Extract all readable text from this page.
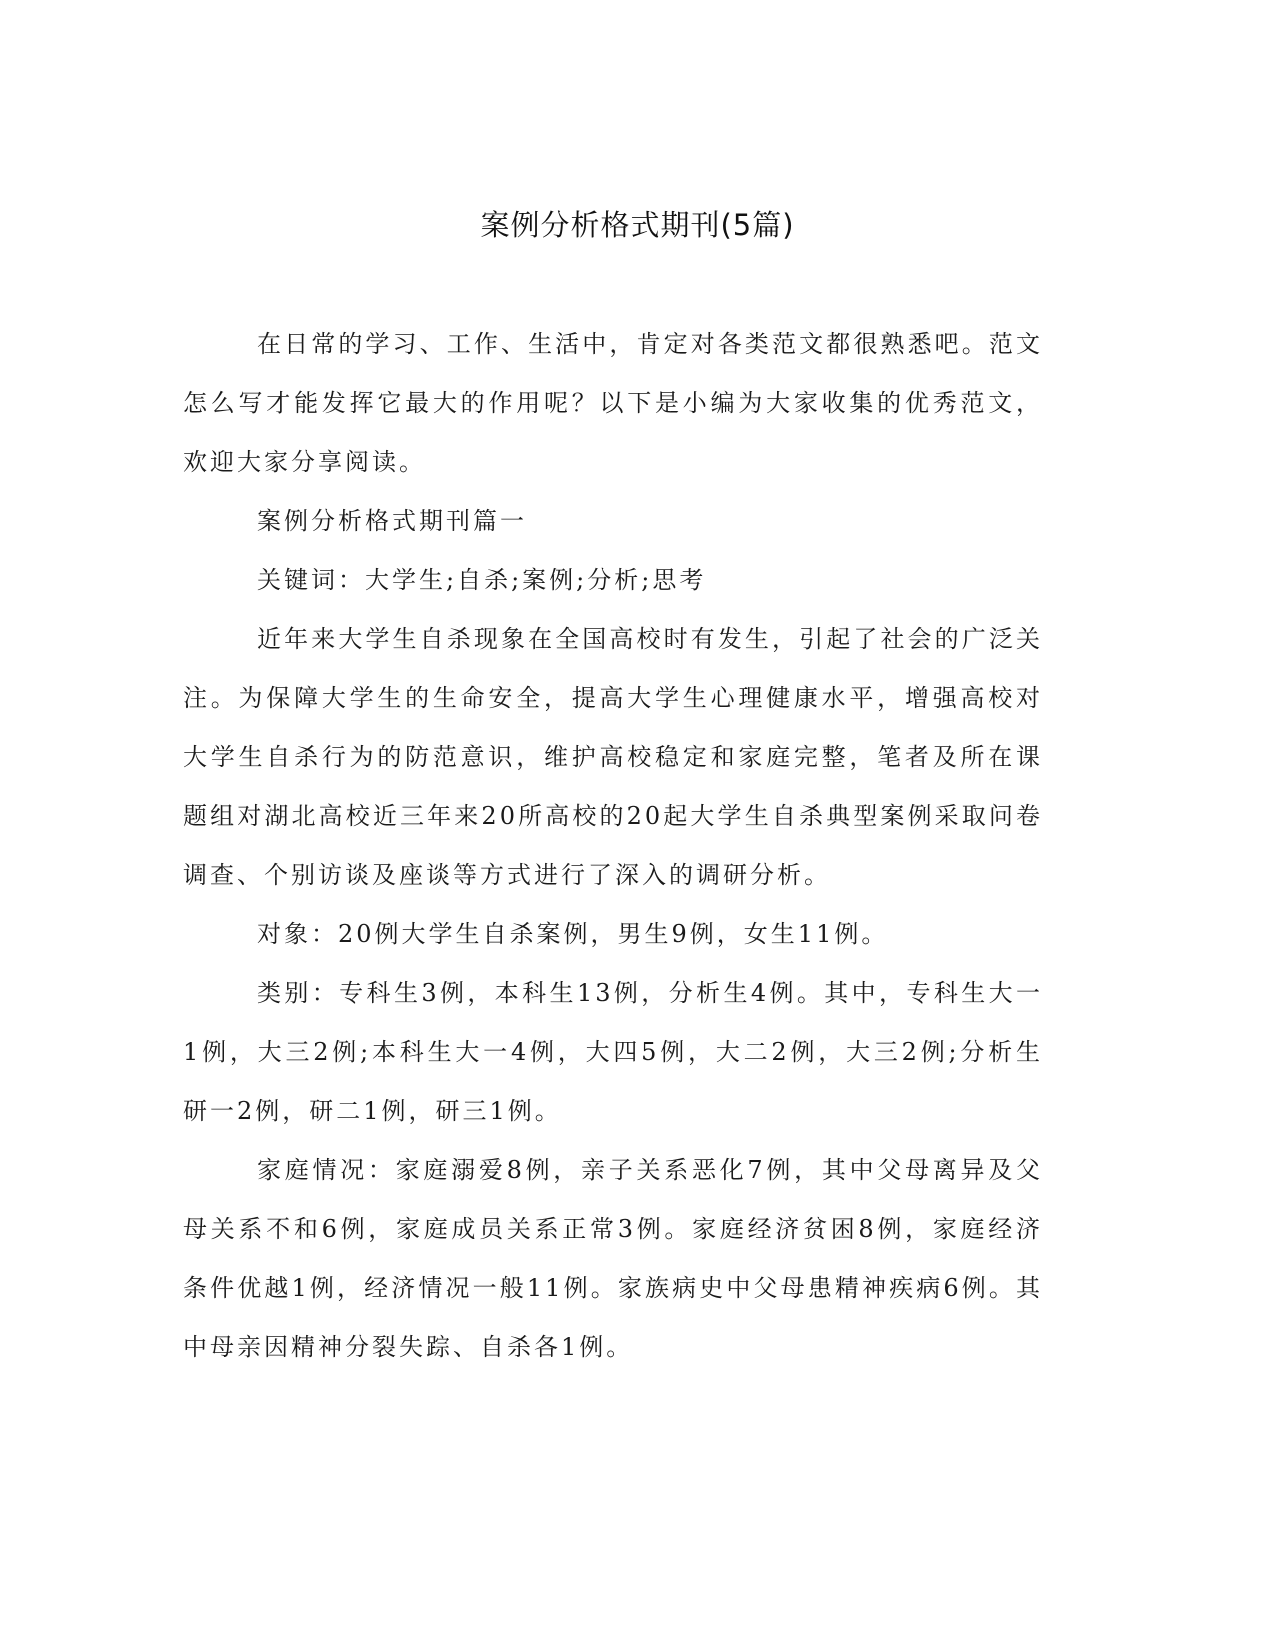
案例分析格式期刊(5篇)

在日常的学习、工作、生活中，肯定对各类范文都很熟悉吧。范文怎么写才能发挥它最大的作用呢？以下是小编为大家收集的优秀范文，欢迎大家分享阅读。

案例分析格式期刊篇一

关键词：大学生;自杀;案例;分析;思考

近年来大学生自杀现象在全国高校时有发生，引起了社会的广泛关注。为保障大学生的生命安全，提高大学生心理健康水平，增强高校对大学生自杀行为的防范意识，维护高校稳定和家庭完整，笔者及所在课题组对湖北高校近三年来20所高校的20起大学生自杀典型案例采取问卷调查、个别访谈及座谈等方式进行了深入的调研分析。

对象：20例大学生自杀案例，男生9例，女生11例。

类别：专科生3例，本科生13例，分析生4例。其中，专科生大一1例，大三2例;本科生大一4例，大四5例，大二2例，大三2例;分析生研一2例，研二1例，研三1例。

家庭情况：家庭溺爱8例，亲子关系恶化7例，其中父母离异及父母关系不和6例，家庭成员关系正常3例。家庭经济贫困8例，家庭经济条件优越1例，经济情况一般11例。家族病史中父母患精神疾病6例。其中母亲因精神分裂失踪、自杀各1例。
